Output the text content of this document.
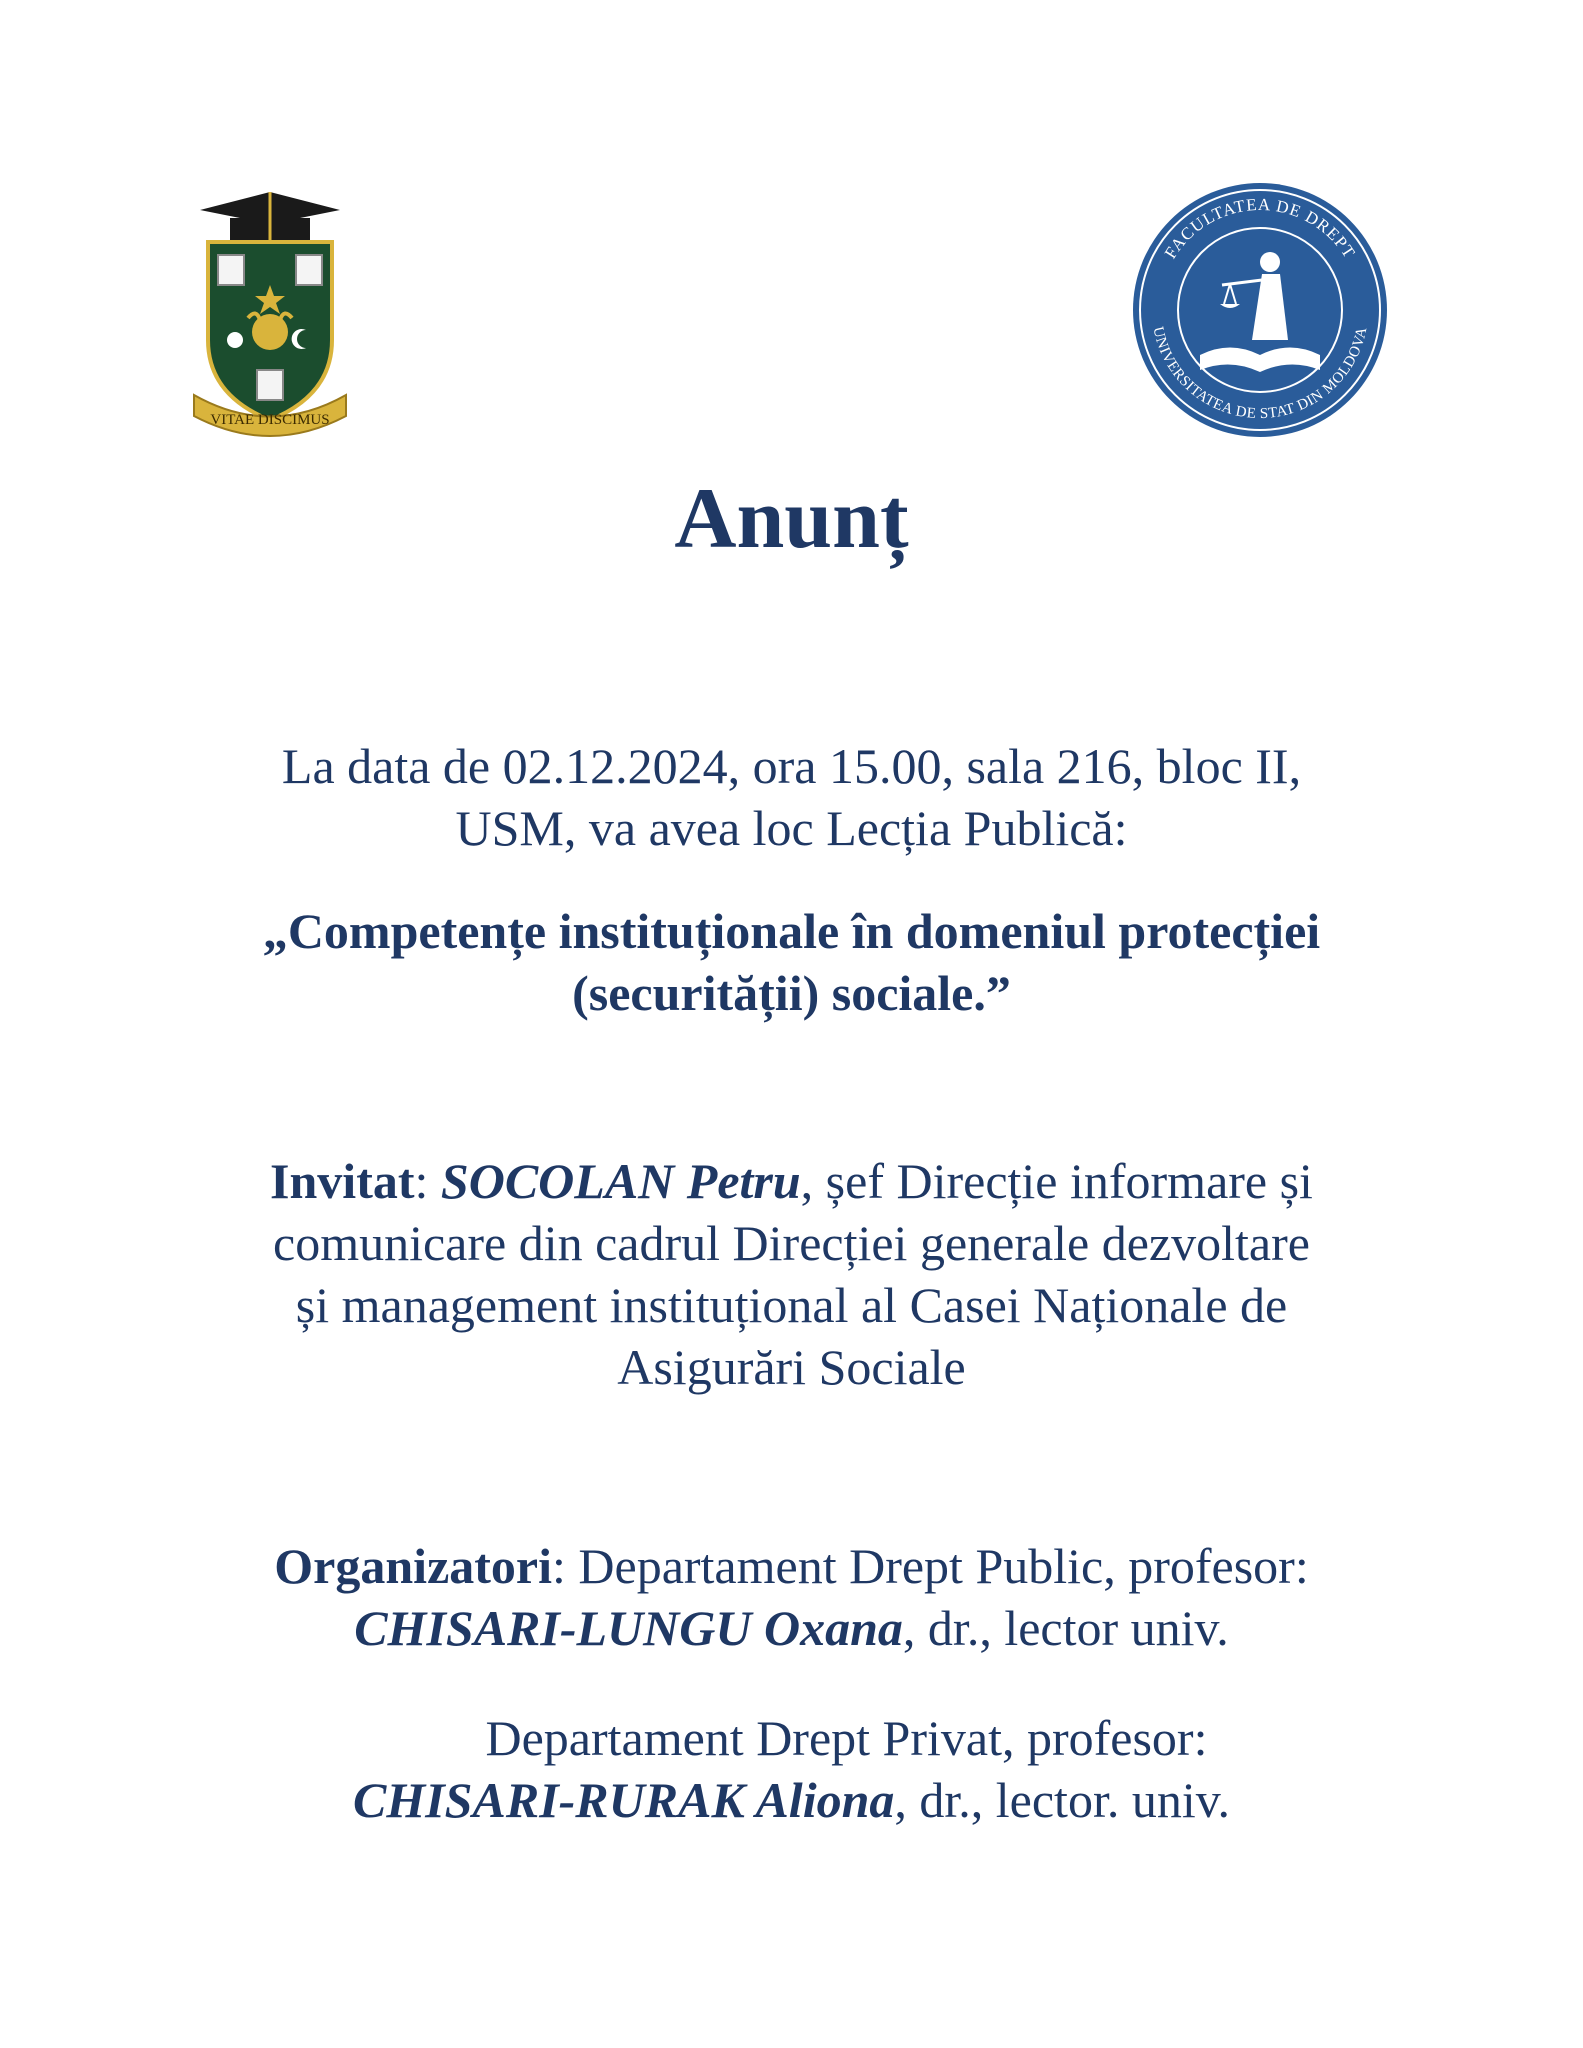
VITAE DISCIMUS
FACULTATEA DE DREPT
UNIVERSITATEA DE STAT DIN MOLDOVA
Anunț
La data de 02.12.2024, ora 15.00, sala 216, bloc II,
USM, va avea loc Lecția Publică:
„Competențe instituționale în domeniul protecției
(securității) sociale.”
Invitat: SOCOLAN Petru, șef Direcție informare și
comunicare din cadrul Direcției generale dezvoltare
și management instituțional al Casei Naționale de
Asigurări Sociale
Organizatori: Departament Drept Public, profesor:
CHISARI-LUNGU Oxana, dr., lector univ.
Departament Drept Privat, profesor:
CHISARI-RURAK Aliona, dr., lector. univ.
